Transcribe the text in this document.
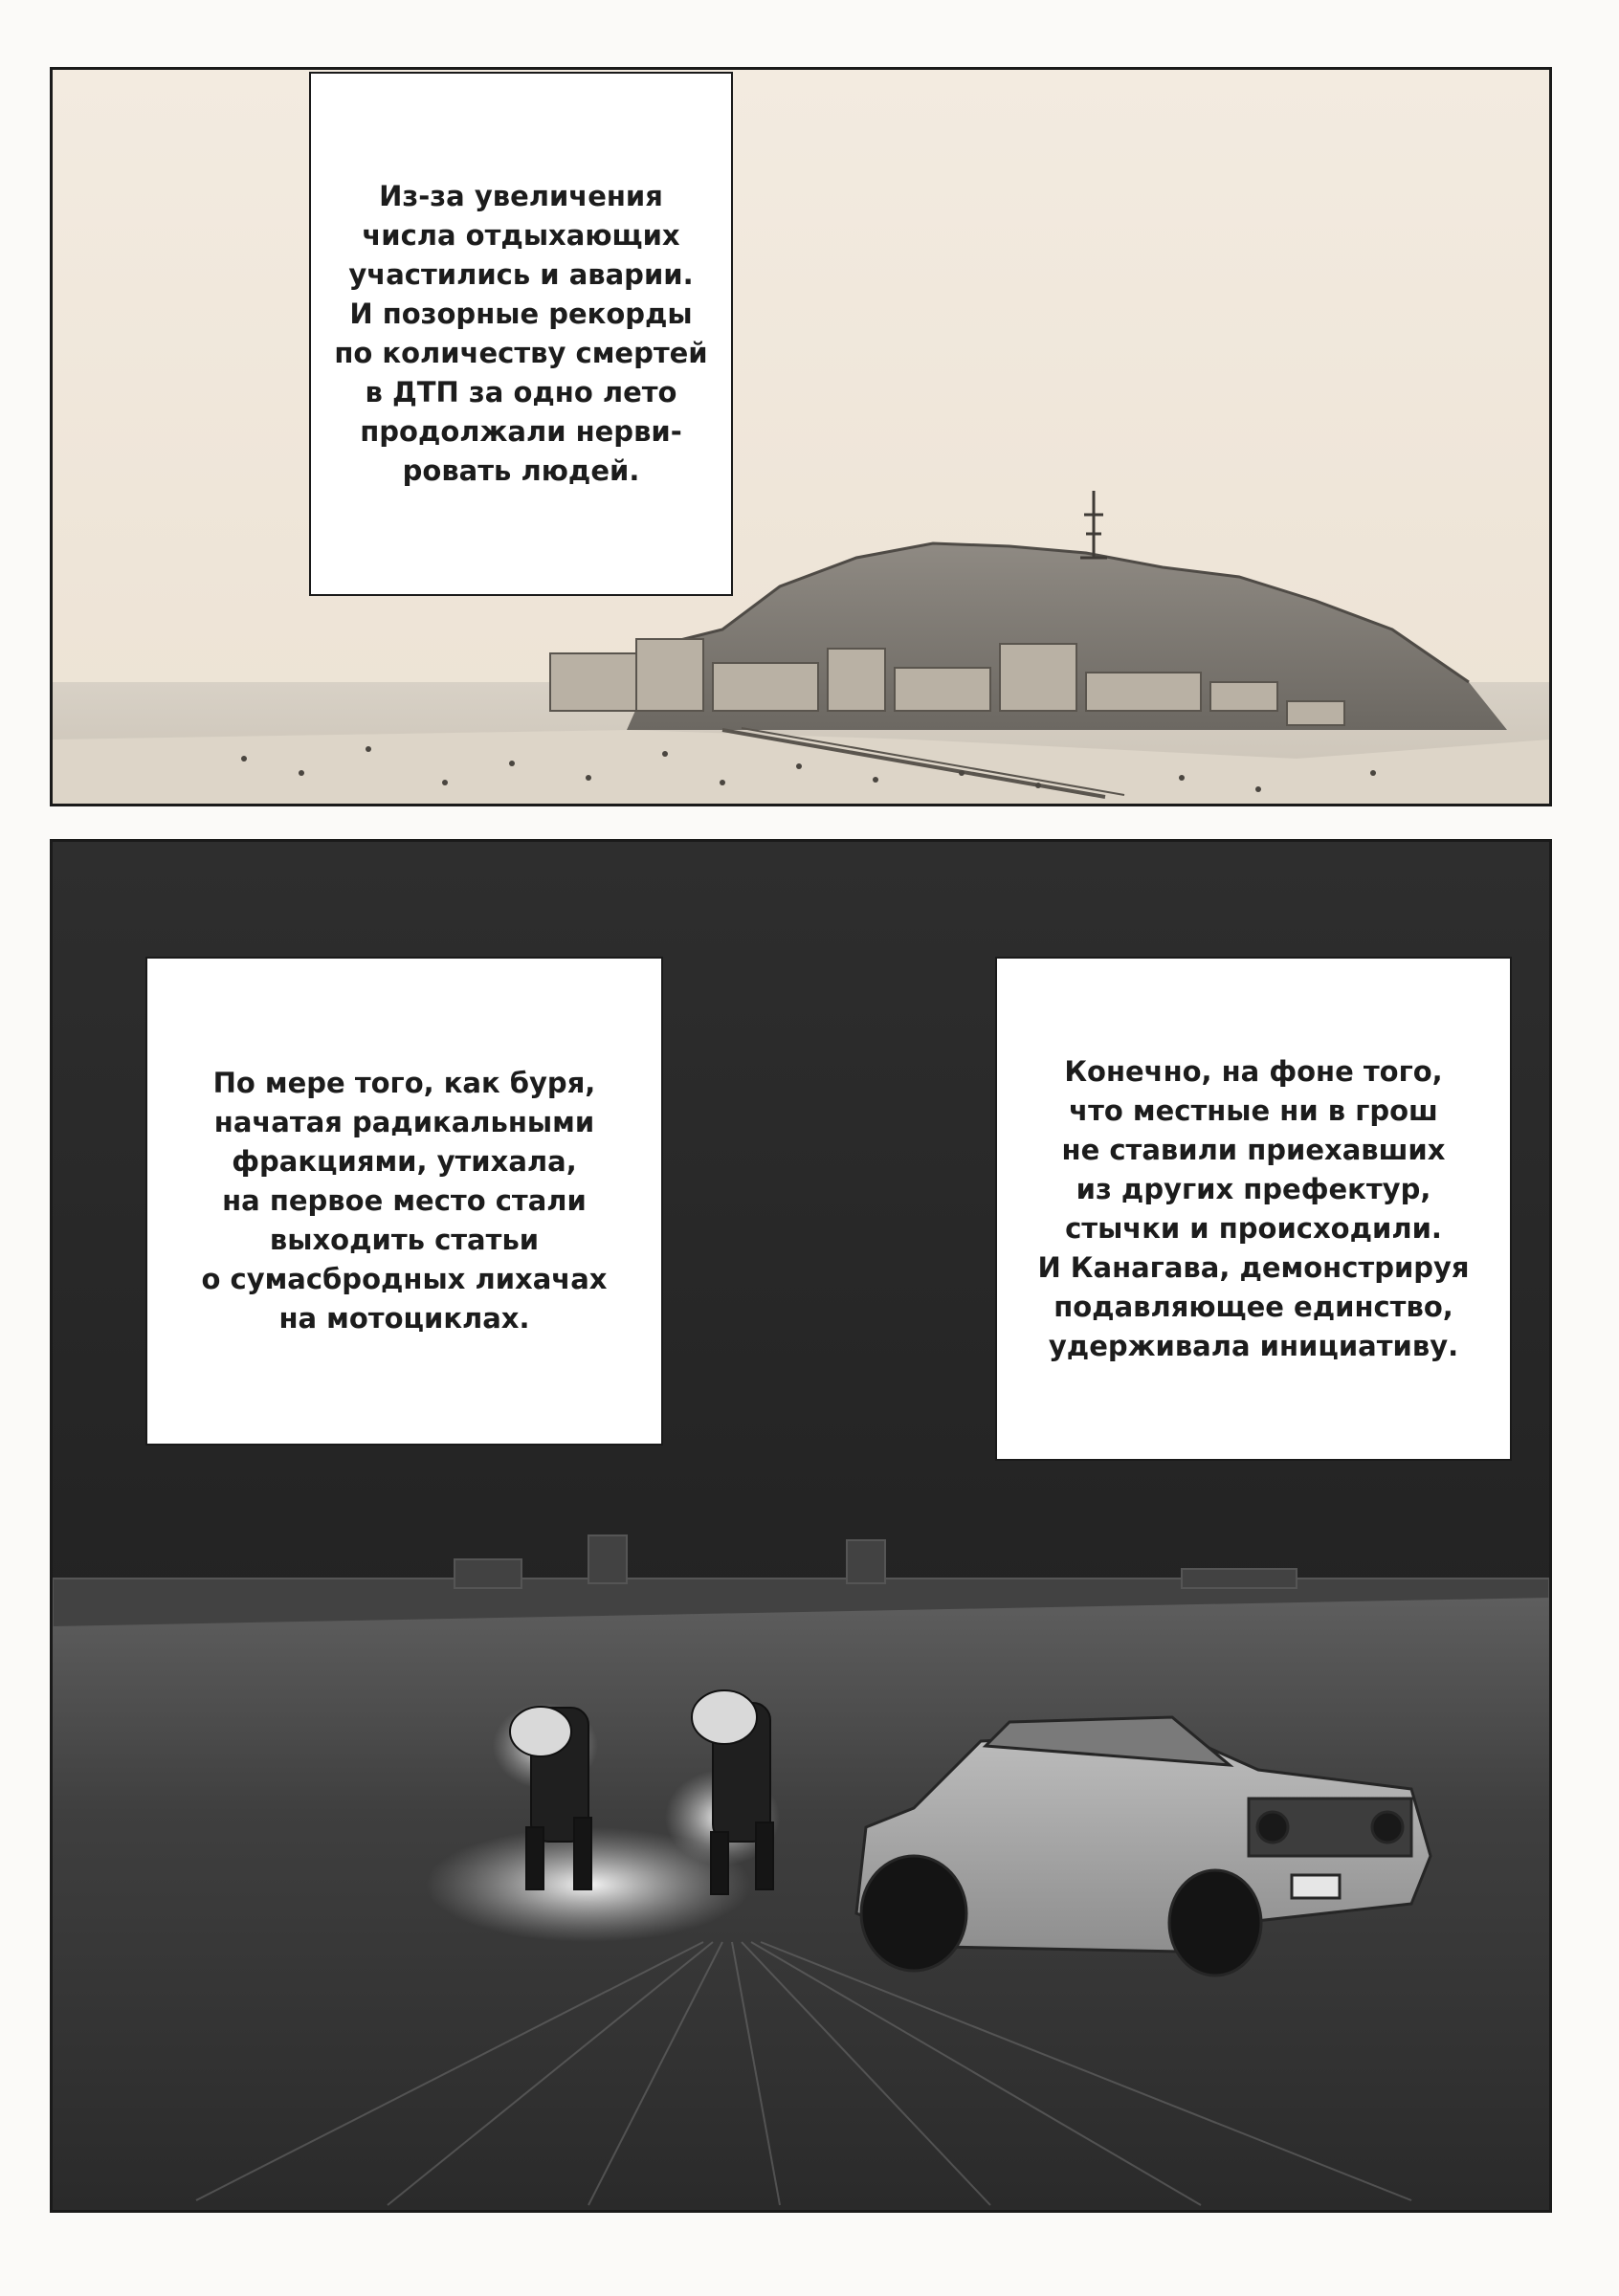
Из-за увеличения
числа отдыхающих
участились и аварии.
И позорные рекорды
по количеству смертей
в ДТП за одно лето
продолжали нерви-
ровать людей.

По мере того, как буря,
начатая радикальными
фракциями, утихала,
на первое место стали
выходить статьи
о сумасбродных лихачах
на мотоциклах.

Конечно, на фоне того,
что местные ни в грош
не ставили приехавших
из других префектур,
стычки и происходили.
И Канагава, демонстрируя
подавляющее единство,
удерживала инициативу.
